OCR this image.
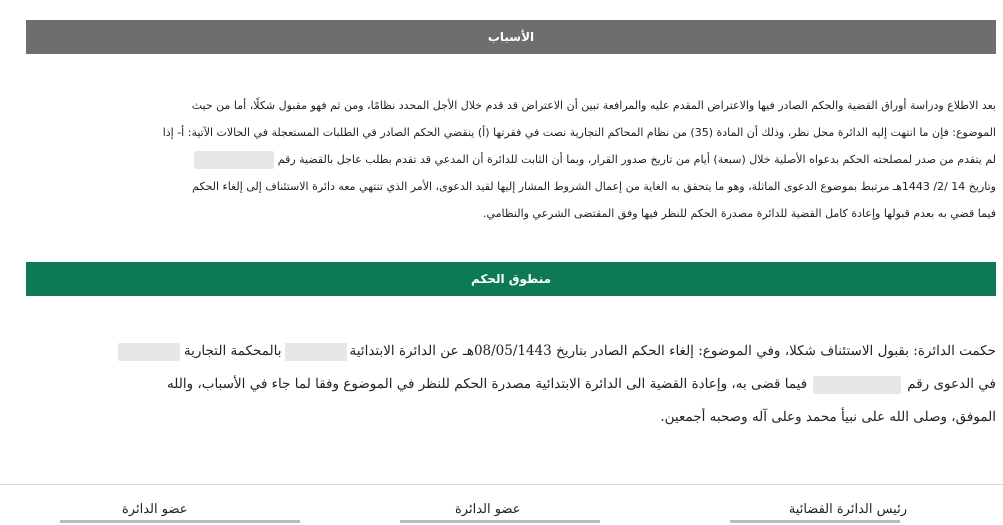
الأسباب
بعد الاطلاع ودراسة أوراق القضية والحكم الصادر فيها والاعتراض المقدم عليه والمرافعة تبين أن الاعتراض قد قدم خلال الأجل المحدد نظامًا، ومن ثم فهو مقبول شكلًا، أما من حيث
الموضوع: فإن ما انتهت إليه الدائرة محل نظر، وذلك أن المادة (35) من نظام المحاكم التجارية نصت في فقرتها (أ) ينقضي الحكم الصادر في الطلبات المستعجلة في الحالات الآتية: أ- إذا
لم يتقدم من صدر لمصلحته الحكم بدعواه الأصلية خلال (سبعة) أيام من تاريخ صدور القرار، وبما أن الثابت للدائرة أن المدعي قد تقدم بطلب عاجل بالقضية رقم
وتاريخ 14 /2/ 1443هـ مرتبط بموضوع الدعوى الماثلة، وهو ما يتحقق به الغاية من إعمال الشروط المشار إليها لقيد الدعوى، الأمر الذي تنتهي معه دائرة الاستئناف إلى إلغاء الحكم
فيما قضي به بعدم قبولها وإعادة كامل القضية للدائرة مصدرة الحكم للنظر فيها وفق المقتضى الشرعي والنظامي.
منطوق الحكم
حكمت الدائرة: بقبول الاستئناف شكلا، وفي الموضوع: إلغاء الحكم الصادر بتاريخ 08/05/1443هـ عن الدائرة الابتدائيةبالمحكمة التجارية
في الدعوى رقمفيما قضى به، وإعادة القضية الى الدائرة الابتدائية مصدرة الحكم للنظر في الموضوع وفقا لما جاء في الأسباب، والله
الموفق، وصلى الله على نبيأ محمد وعلى آله وصحبه أجمعين.
رئيس الدائرة القضائية
عضو الدائرة
عضو الدائرة
